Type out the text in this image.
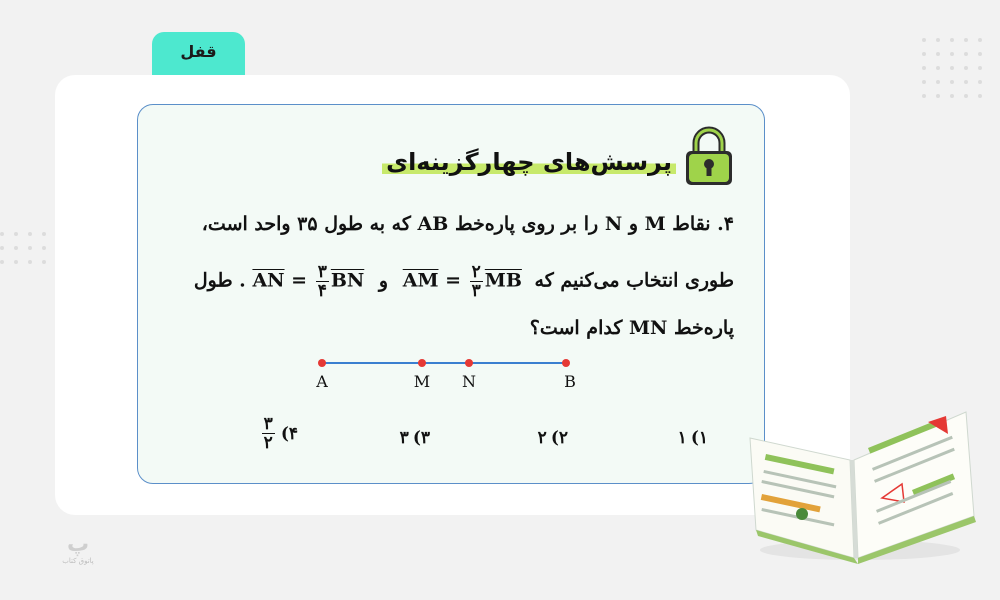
قفل
پرسش‌های چهارگزینه‌ای
۴. نقاط M و N را بر روی پاره‌خط AB که به طول ۳۵ واحد است،
طوری انتخاب می‌کنیم که $\overline{AN} = \frac{۳}{۴} \overline{BN}$ و $\overline{AM} = \frac{۲}{۳} \overline{MB}$ . طول
پاره‌خط MN کدام است؟
A	M N	B
۱)
۱
۲)
۲
۳)
۳
۴)
$\frac{۳}{۲}$
پ
پاتوق کتاب
